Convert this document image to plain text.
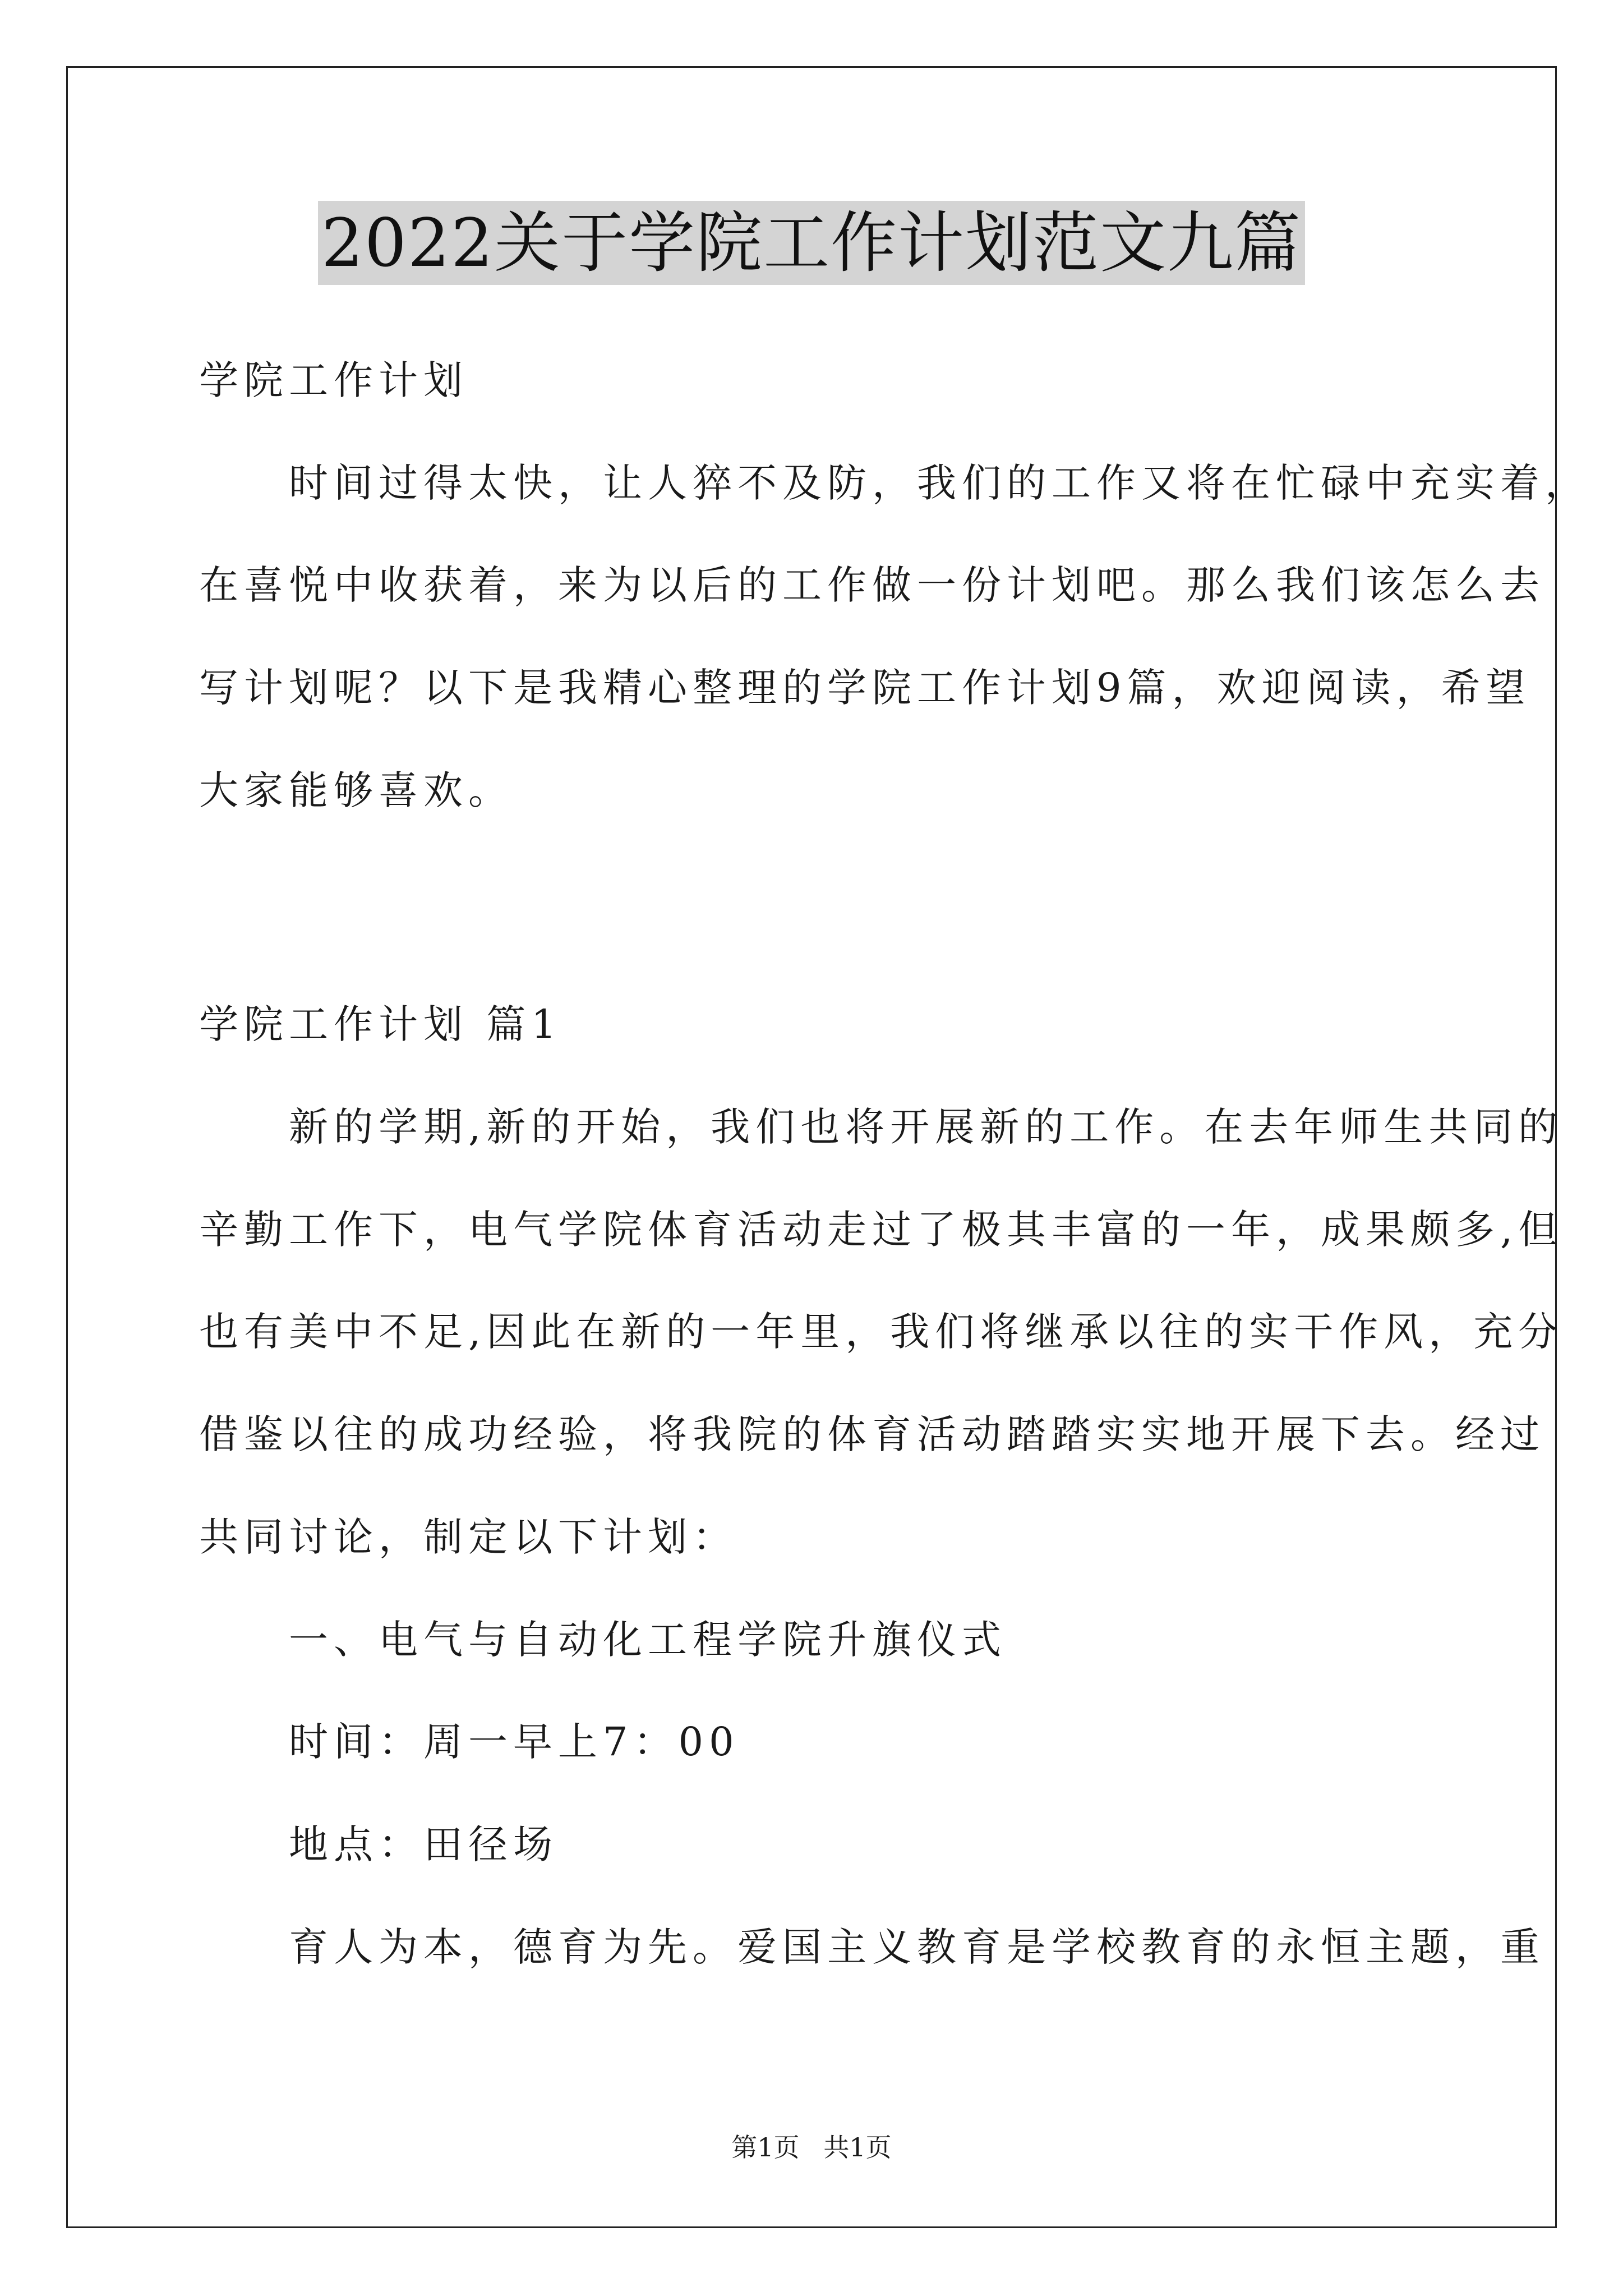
2022关于学院工作计划范文九篇
学院工作计划
　　时间过得太快，让人猝不及防，我们的工作又将在忙碌中充实着，
在喜悦中收获着，来为以后的工作做一份计划吧。那么我们该怎么去
写计划呢？以下是我精心整理的学院工作计划9篇，欢迎阅读，希望
大家能够喜欢。
学院工作计划 篇1
　　新的学期,新的开始，我们也将开展新的工作。在去年师生共同的
辛勤工作下，电气学院体育活动走过了极其丰富的一年，成果颇多,但
也有美中不足,因此在新的一年里，我们将继承以往的实干作风，充分
借鉴以往的成功经验，将我院的体育活动踏踏实实地开展下去。经过
共同讨论，制定以下计划：
　　一、电气与自动化工程学院升旗仪式
　　时间：周一早上7：00
　　地点：田径场
　　育人为本，德育为先。爱国主义教育是学校教育的永恒主题，重
第1页 共1页
